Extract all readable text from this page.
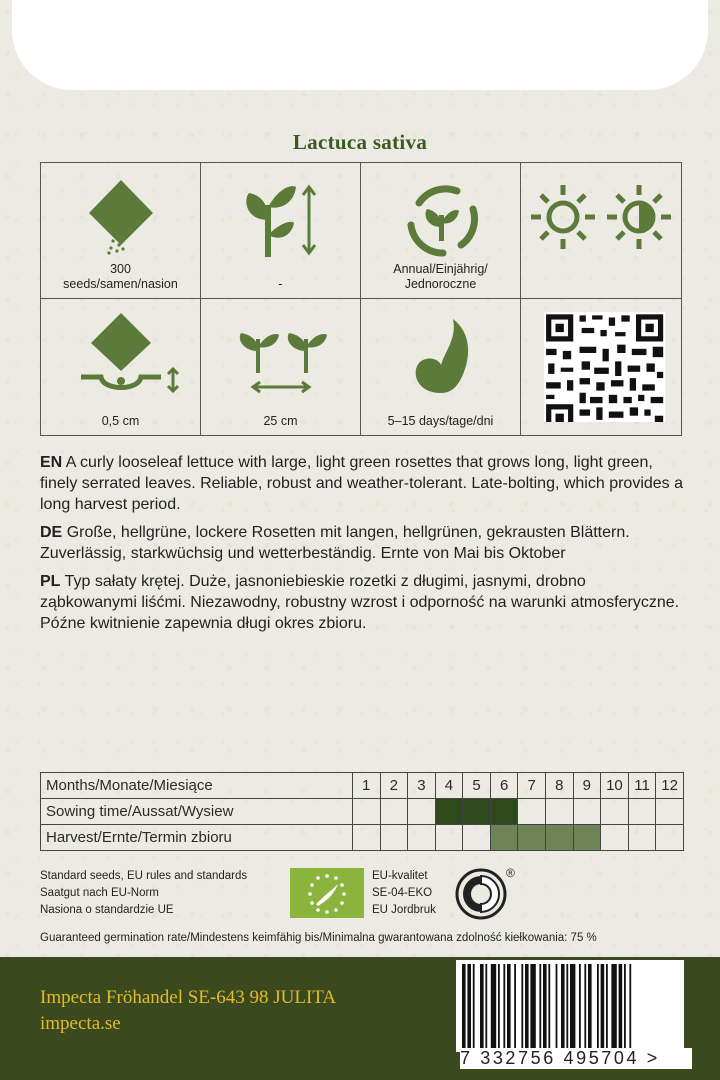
Lactuca sativa
300
seeds/samen/nasion	-
Annual/Einjährig/
Jednoroczne
0,5 cm	25 cm	5–15 days/tage/dni

EN A curly looseleaf lettuce with large, light green rosettes that grows long, light green, finely serrated leaves. Reliable, robust and weather-tolerant. Late-bolting, which provides a long harvest period.

DE Große, hellgrüne, lockere Rosetten mit langen, hellgrünen, gekrausten Blättern. Zuverlässig, starkwüchsig und wetterbeständig. Ernte von Mai bis Oktober

PL Typ sałaty krętej. Duże, jasnoniebieskie rozetki z długimi, jasnymi, drobno ząbkowanymi liśćmi. Niezawodny, robustny wzrost i odporność na warunki atmosferyczne. Późne kwitnienie zapewnia długi okres zbioru.

Months/Monate/Miesiące	1	2	3	4	5	6	7	8	9	10	11	12
Sowing time/Aussat/Wysiew												
Harvest/Ernte/Termin zbioru												
Standard seeds, EU rules and standards
Saatgut nach EU-Norm
Nasiona o standardzie UE
EU-kvalitet
SE-04-EKO
EU Jordbruk
®
Guaranteed germination rate/Mindestens keimfähig bis/Minimalna gwarantowana zdolność kiełkowania: 75 %
Impecta Fröhandel SE-643 98 JULITA
impecta.se
7 332756 495704 >
